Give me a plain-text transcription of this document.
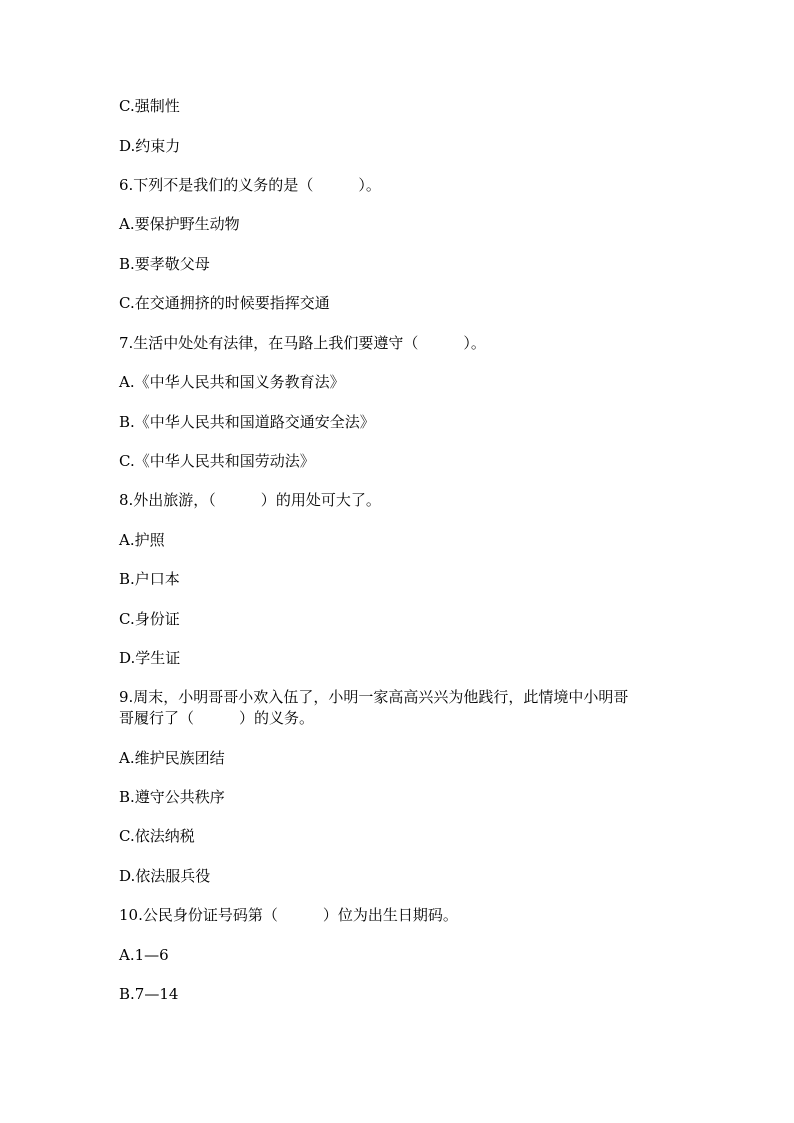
C.强制性
D.约束力
6.下列不是我们的义务的是（　　　）。
A.要保护野生动物
B.要孝敬父母
C.在交通拥挤的时候要指挥交通
7.生活中处处有法律，在马路上我们要遵守（　　　）。
A.《中华人民共和国义务教育法》
B.《中华人民共和国道路交通安全法》
C.《中华人民共和国劳动法》
8.外出旅游，（　　　）的用处可大了。
A.护照
B.户口本
C.身份证
D.学生证
9.周末，小明哥哥小欢入伍了，小明一家高高兴兴为他践行，此情境中小明哥
哥履行了（　　　）的义务。
A.维护民族团结
B.遵守公共秩序
C.依法纳税
D.依法服兵役
10.公民身份证号码第（　　　）位为出生日期码。
A.1—6
B.7—14
